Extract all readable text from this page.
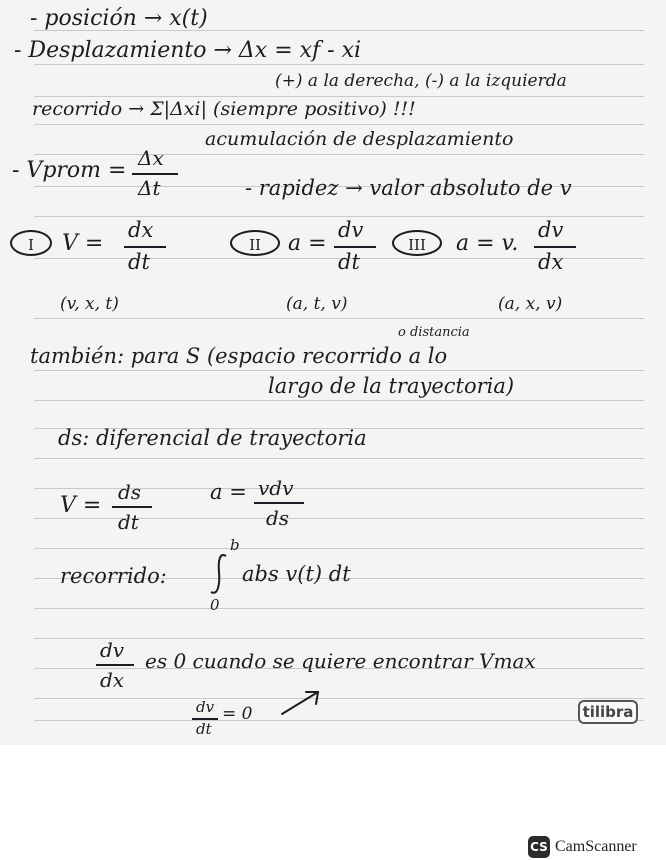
- posición → x(t)
- Desplazamiento → Δx = xf - xi
(+) a la derecha, (-) a la izquierda
recorrido → Σ|Δxi| (siempre positivo) !!!
acumulación de desplazamiento
- Vprom = Δx
Δt	- rapidez → valor absoluto de v
I	V =
dx
dt
(v, x, t)
II	a =
dv
dt
(a, t, v)
III	a = v.
dv
dx
(a, x, v)
o distancia
también: para S (espacio recorrido a lo
largo de la trayectoria)
ds: diferencial de trayectoria
V =
ds
dt
a = vdv
ds
recorrido:
b
0
abs v(t) dt
dv
dx
es 0 cuando se quiere encontrar Vmax
dv
dt
= 0	tilibra
CS CamScanner
